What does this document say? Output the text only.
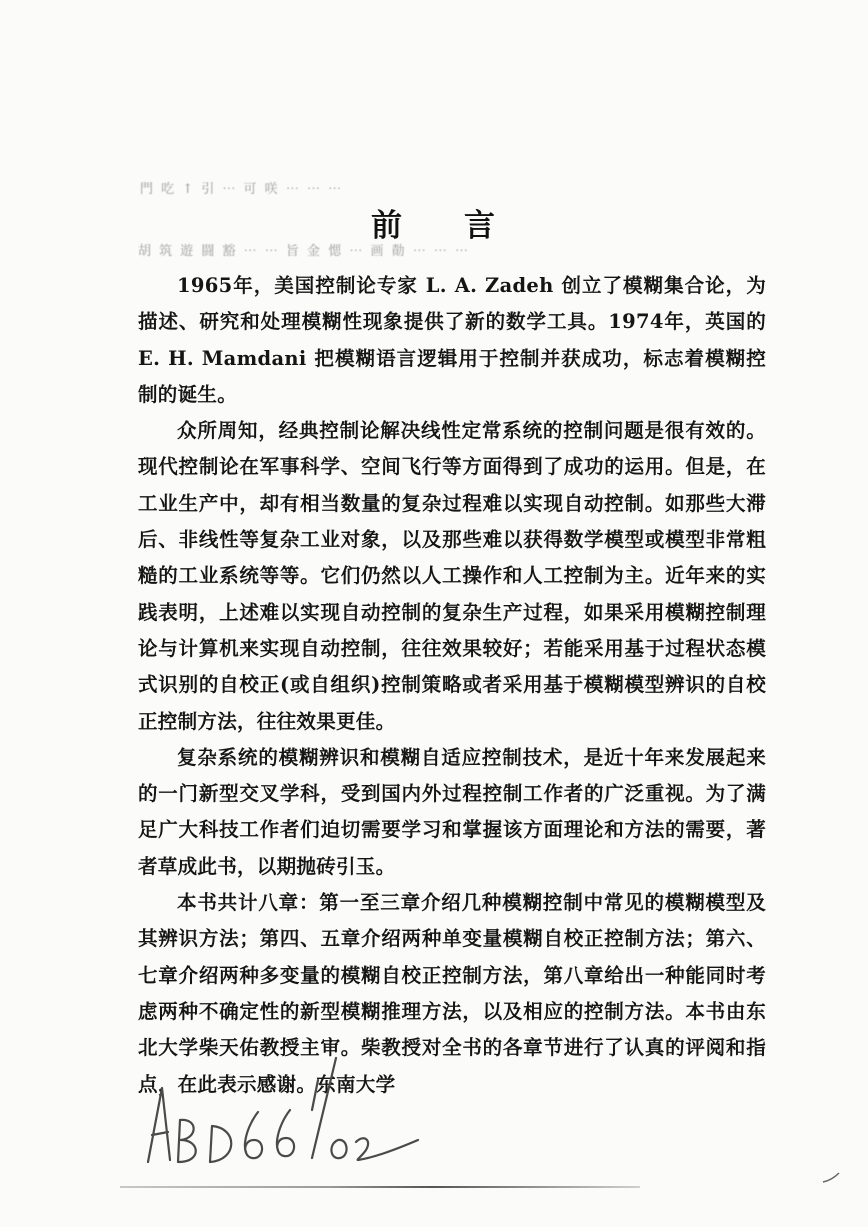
門 吃 ↑ 引 ⋯ 可 咲 ⋯ ⋯ ⋯
前 言
胡 筑 遊 闘 豁 ⋯ ⋯ 旨 金 愢 ⋯ 画 勣 ⋯ ⋯ ⋯

1965年，美国控制论专家 L. A. Zadeh 创立了模糊集合论，为描述、研究和处理模糊性现象提供了新的数学工具。1974年，英国的 E. H. Mamdani 把模糊语言逻辑用于控制并获成功，标志着模糊控制的诞生。

众所周知，经典控制论解决线性定常系统的控制问题是很有效的。现代控制论在军事科学、空间飞行等方面得到了成功的运用。但是，在工业生产中，却有相当数量的复杂过程难以实现自动控制。如那些大滞后、非线性等复杂工业对象，以及那些难以获得数学模型或模型非常粗糙的工业系统等等。它们仍然以人工操作和人工控制为主。近年来的实践表明，上述难以实现自动控制的复杂生产过程，如果采用模糊控制理论与计算机来实现自动控制，往往效果较好；若能采用基于过程状态模式识别的自校正(或自组织)控制策略或者采用基于模糊模型辨识的自校正控制方法，往往效果更佳。

复杂系统的模糊辨识和模糊自适应控制技术，是近十年来发展起来的一门新型交叉学科，受到国内外过程控制工作者的广泛重视。为了满足广大科技工作者们迫切需要学习和掌握该方面理论和方法的需要，著者草成此书，以期抛砖引玉。

本书共计八章：第一至三章介绍几种模糊控制中常见的模糊模型及其辨识方法；第四、五章介绍两种单变量模糊自校正控制方法；第六、七章介绍两种多变量的模糊自校正控制方法，第八章给出一种能同时考虑两种不确定性的新型模糊推理方法，以及相应的控制方法。本书由东北大学柴天佑教授主审。柴教授对全书的各章节进行了认真的评阅和指点，在此表示感谢。东南大学
